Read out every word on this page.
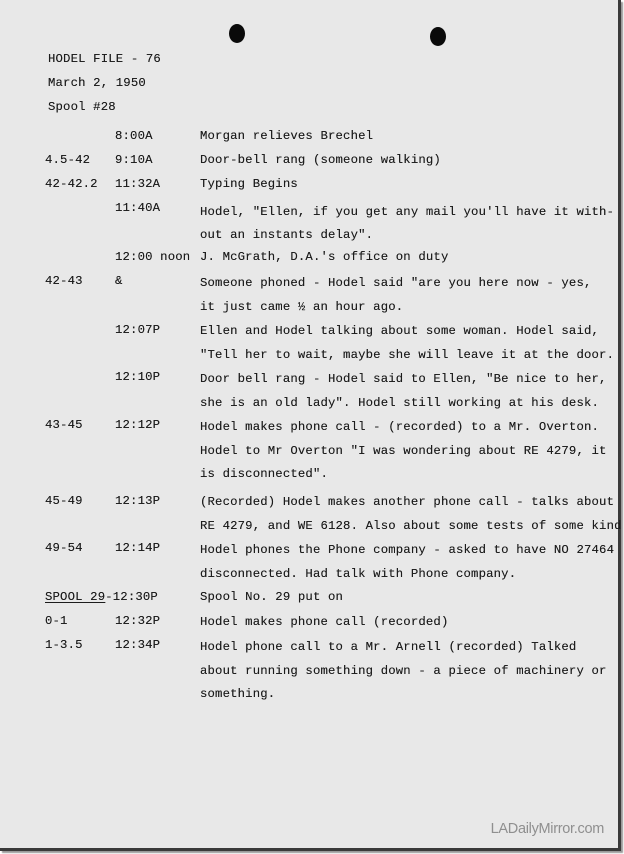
HODEL FILE - 76
March 2, 1950
Spool #28
8:00A	Morgan relieves Brechel
4.5-42 9:10A	Door-bell rang (someone walking)
42-42.2 11:32A	Typing Begins
11:40A	Hodel, "Ellen, if you get any mail you'll have it with-
out an instants delay".
12:00 noon J. McGrath, D.A.'s office on duty
42-43	&	Someone phoned - Hodel said "are you here now - yes,
it just came ½ an hour ago.
12:07P	Ellen and Hodel talking about some woman. Hodel said,
"Tell her to wait, maybe she will leave it at the door.
12:10P	Door bell rang - Hodel said to Ellen, "Be nice to her,
she is an old lady". Hodel still working at his desk.
43-45	12:12P	Hodel makes phone call - (recorded) to a Mr. Overton.
Hodel to Mr Overton "I was wondering about RE 4279, it
is disconnected".
45-49	12:13P	(Recorded) Hodel makes another phone call - talks about
RE 4279, and WE 6128. Also about some tests of some kind
49-54	12:14P	Hodel phones the Phone company - asked to have NO 27464
disconnected. Had talk with Phone company.
SPOOL 29-12:30P	Spool No. 29 put on
0-1	12:32P	Hodel makes phone call (recorded)
1-3.5	12:34P	Hodel phone call to a Mr. Arnell (recorded) Talked
about running something down - a piece of machinery or
something.
LADailyMirror.com
